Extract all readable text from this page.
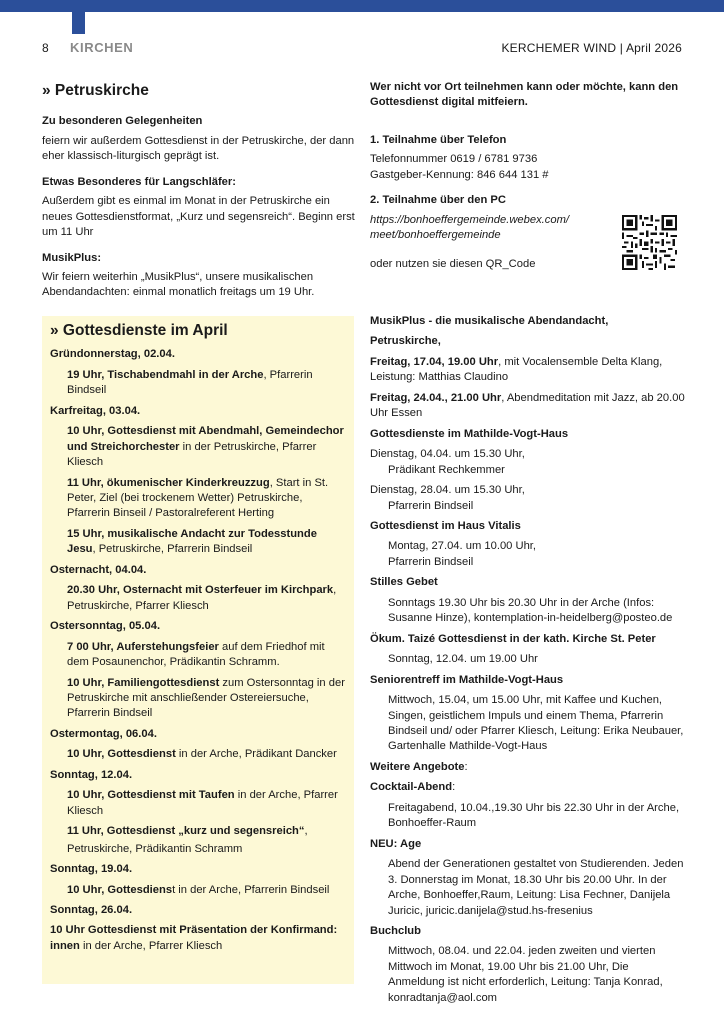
8 KIRCHEN	KERCHEMER WIND | April 2026
» Petruskirche
Zu besonderen Gelegenheiten

feiern wir außerdem Gottesdienst in der Petruskirche, der dann eher klassisch-liturgisch geprägt ist.

Etwas Besonderes für Langschläfer:

Außerdem gibt es einmal im Monat in der Petruskirche ein neues Gottesdienstformat, „Kurz und segensreich“. Beginn erst um 11 Uhr

MusikPlus:

Wir feiern weiterhin „MusikPlus“, unsere musikalischen Abendandachten: einmal monatlich freitags um 19 Uhr.

Wer nicht vor Ort teilnehmen kann oder möchte, kann den Gottesdienst digital mitfeiern.

1. Teilnahme über Telefon
Telefonnummer 0619 / 6781 9736
Gastgeber-Kennung: 846 644 131 #
2. Teilnahme über den PC
https://bonhoeffergemeinde.webex.com/
meet/bonhoeffergemeinde
oder nutzen sie diesen QR_Code
» Gottesdienste im April
Gründonnerstag, 02.04.
19 Uhr, Tischabendmahl in der Arche, Pfarrerin Bindseil
Karfreitag, 03.04.
10 Uhr, Gottesdienst mit Abendmahl, Gemeindechor und Streichorchester in der Petruskirche, Pfarrer Kliesch
11 Uhr, ökumenischer Kinderkreuzzug, Start in St. Peter, Ziel (bei trockenem Wetter) Petruskirche, Pfarrerin Binseil / Pastoralreferent Herting
15 Uhr, musikalische Andacht zur Todesstunde Jesu, Petruskirche, Pfarrerin Bindseil
Osternacht, 04.04.
20.30 Uhr, Osternacht mit Osterfeuer im Kirchpark, Petruskirche, Pfarrer Kliesch
Ostersonntag, 05.04.
7 00 Uhr, Auferstehungsfeier auf dem Friedhof mit dem Posaunenchor, Prädikantin Schramm.
10 Uhr, Familiengottesdienst zum Ostersonntag in der Petruskirche mit anschließender Ostereiersuche, Pfarrerin Bindseil
Ostermontag, 06.04.
10 Uhr, Gottesdienst in der Arche, Prädikant Dancker
Sonntag, 12.04.
10 Uhr, Gottesdienst mit Taufen in der Arche, Pfarrer Kliesch
11 Uhr, Gottesdienst „kurz und segensreich“,
Petruskirche, Prädikantin Schramm
Sonntag, 19.04.
10 Uhr, Gottesdienst in der Arche, Pfarrerin Bindseil
Sonntag, 26.04.
10 Uhr Gottesdienst mit Präsentation der Konfirmand: innen in der Arche, Pfarrer Kliesch
MusikPlus - die musikalische Abendandacht,
Petruskirche,
Freitag, 17.04, 19.00 Uhr, mit Vocalensemble Delta Klang, Leistung: Matthias Claudino
Freitag, 24.04., 21.00 Uhr, Abendmeditation mit Jazz, ab 20.00 Uhr Essen
Gottesdienste im Mathilde-Vogt-Haus
Dienstag, 04.04. um 15.30 Uhr,
Prädikant Rechkemmer
Dienstag, 28.04. um 15.30 Uhr,
Pfarrerin Bindseil
Gottesdienst im Haus Vitalis
Montag, 27.04. um 10.00 Uhr,
Pfarrerin Bindseil
Stilles Gebet
Sonntags 19.30 Uhr bis 20.30 Uhr in der Arche (Infos: Susanne Hinze), kontemplation-in-heidelberg@posteo.de
Ökum. Taizé Gottesdienst in der kath. Kirche St. Peter
Sonntag, 12.04. um 19.00 Uhr
Seniorentreff im Mathilde-Vogt-Haus
Mittwoch, 15.04, um 15.00 Uhr, mit Kaffee und Kuchen, Singen, geistlichem Impuls und einem Thema, Pfarrerin Bindseil und/ oder Pfarrer Kliesch, Leitung: Erika Neubauer, Gartenhalle Mathilde-Vogt-Haus
Weitere Angebote:
Cocktail-Abend:
Freitagabend, 10.04.,19.30 Uhr bis 22.30 Uhr in der Arche, Bonhoeffer-Raum
NEU: Age
Abend der Generationen gestaltet von Studierenden. Jeden 3. Donnerstag im Monat, 18.30 Uhr bis 20.00 Uhr. In der Arche, Bonhoeffer,Raum, Leitung: Lisa Fechner, Danijela Juricic, juricic.danijela@stud.hs-fresenius
Buchclub
Mittwoch, 08.04. und 22.04. jeden zweiten und vierten Mittwoch im Monat, 19.00 Uhr bis 21.00 Uhr, Die Anmeldung ist nicht erforderlich, Leitung: Tanja Konrad, konradtanja@aol.com
